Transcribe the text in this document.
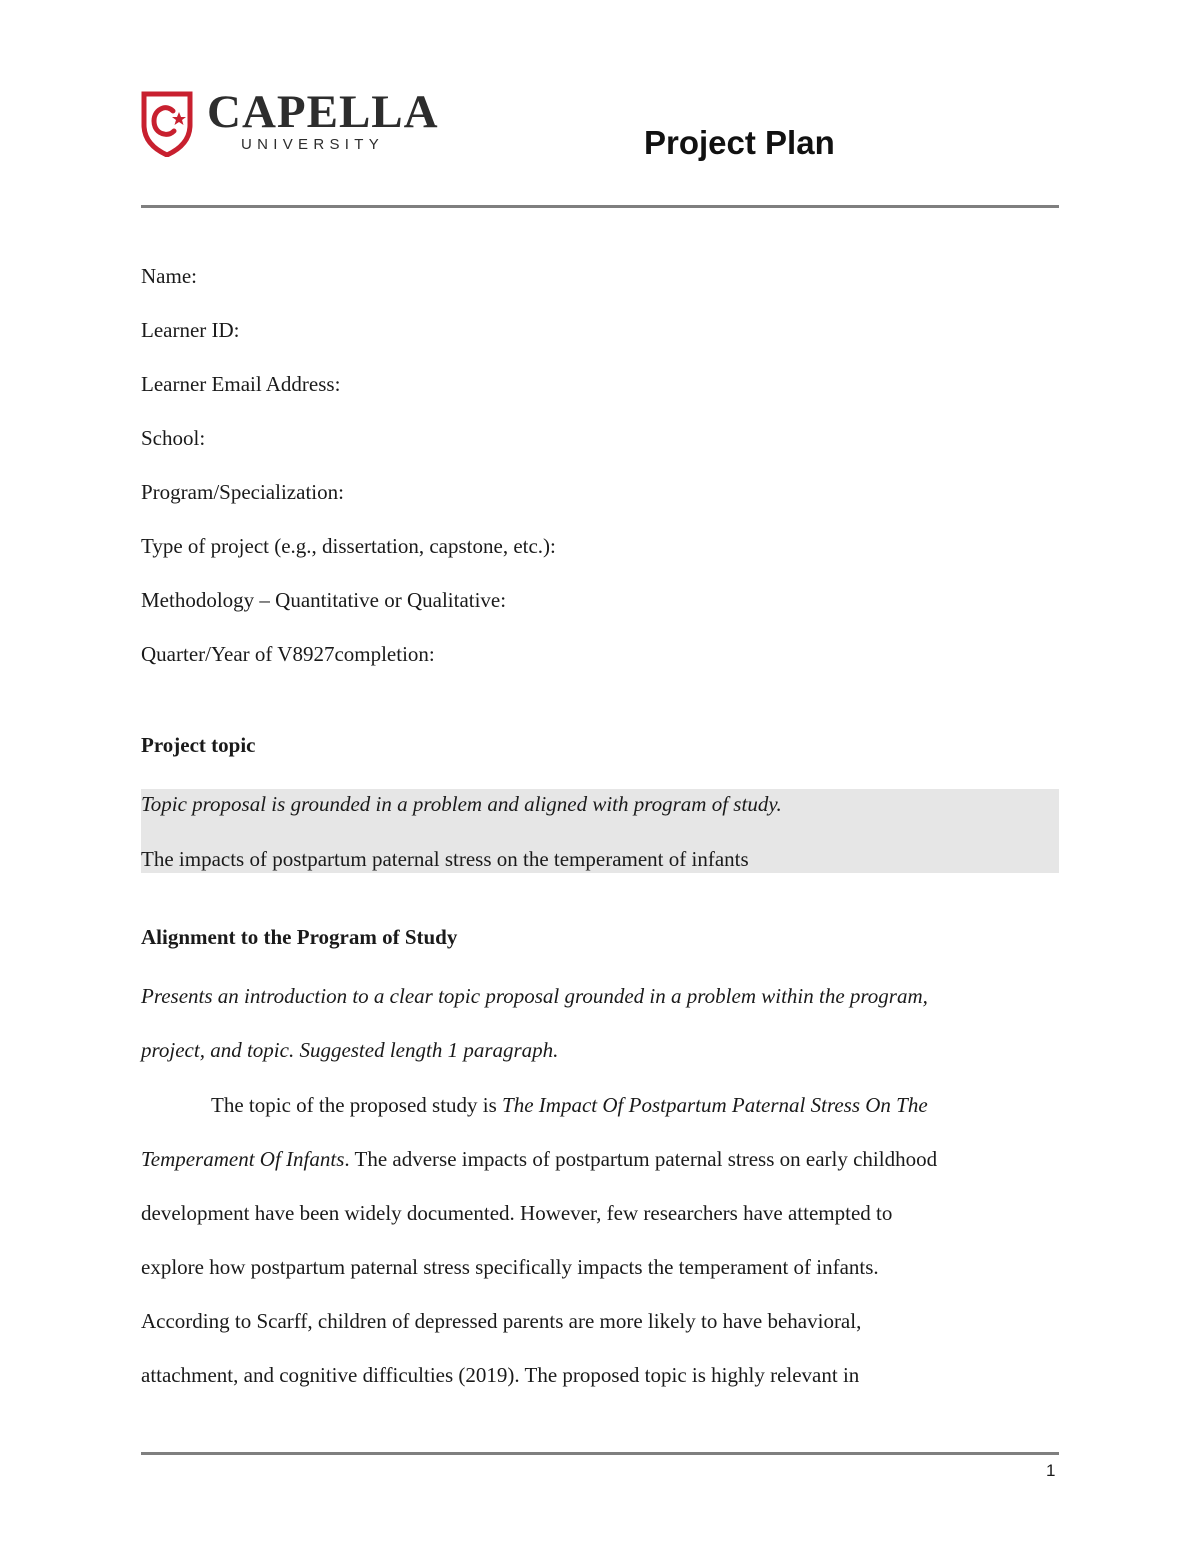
CAPELLA
UNIVERSITY	Project Plan
Name:
Learner ID:
Learner Email Address:
School:
Program/Specialization:
Type of project (e.g., dissertation, capstone, etc.):
Methodology – Quantitative or Qualitative:
Quarter/Year of V8927completion:
Project topic
Topic proposal is grounded in a problem and aligned with program of study.
The impacts of postpartum paternal stress on the temperament of infants
Alignment to the Program of Study
Presents an introduction to a clear topic proposal grounded in a problem within the program,
project, and topic. Suggested length 1 paragraph.
The topic of the proposed study is The Impact Of Postpartum Paternal Stress On The
Temperament Of Infants. The adverse impacts of postpartum paternal stress on early childhood
development have been widely documented. However, few researchers have attempted to
explore how postpartum paternal stress specifically impacts the temperament of infants.
According to Scarff, children of depressed parents are more likely to have behavioral,
attachment, and cognitive difficulties (2019). The proposed topic is highly relevant in
1
